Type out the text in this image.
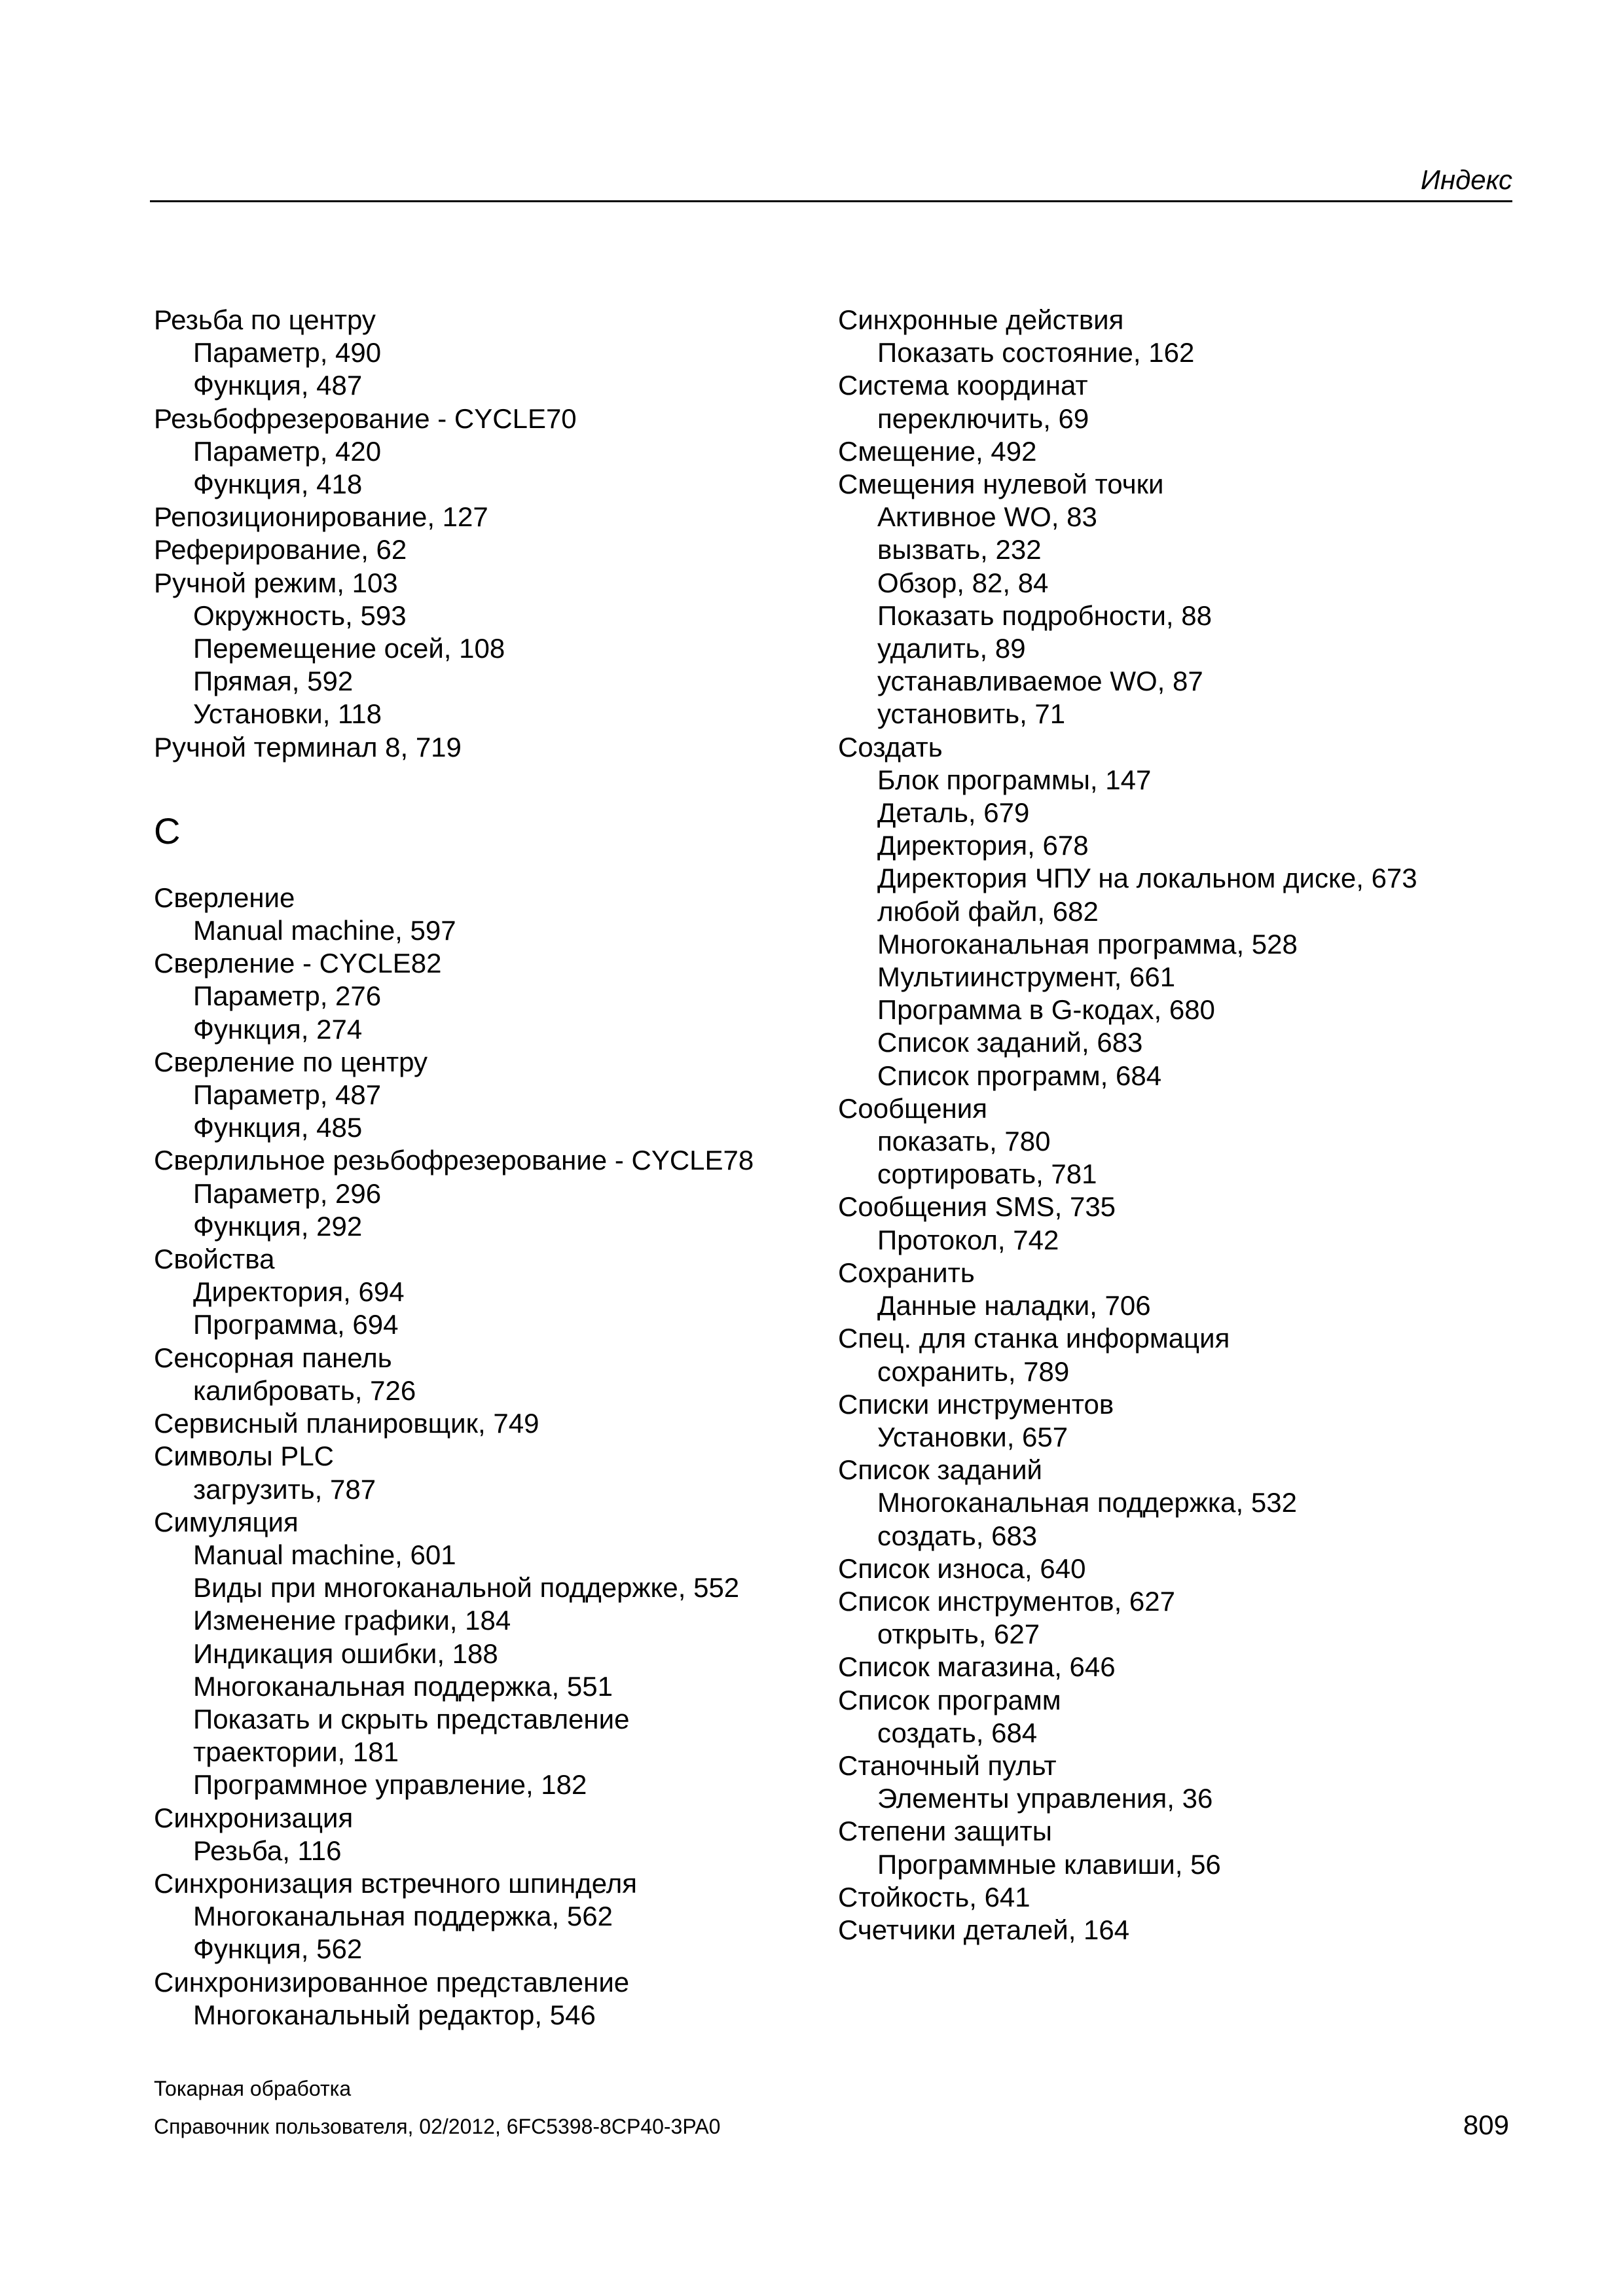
Индекс
Резьба по центру
Параметр, 490
Функция, 487
Резьбофрезерование - CYCLE70
Параметр, 420
Функция, 418
Репозиционирование, 127
Реферирование, 62
Ручной режим, 103
Окружность, 593
Перемещение осей, 108
Прямая, 592
Установки, 118
Ручной терминал 8, 719
С
Сверление
Manual machine, 597
Сверление - CYCLE82
Параметр, 276
Функция, 274
Сверление по центру
Параметр, 487
Функция, 485
Сверлильное резьбофрезерование - CYCLE78
Параметр, 296
Функция, 292
Свойства
Директория, 694
Программа, 694
Сенсорная панель
калибровать, 726
Сервисный планировщик, 749
Символы PLC
загрузить, 787
Симуляция
Manual machine, 601
Виды при многоканальной поддержке, 552
Изменение графики, 184
Индикация ошибки, 188
Многоканальная поддержка, 551
Показать и скрыть представление
траектории, 181
Программное управление, 182
Синхронизация
Резьба, 116
Синхронизация встречного шпинделя
Многоканальная поддержка, 562
Функция, 562
Синхронизированное представление
Многоканальный редактор, 546
Синхронные действия
Показать состояние, 162
Система координат
переключить, 69
Смещение, 492
Смещения нулевой точки
Активное WO, 83
вызвать, 232
Обзор, 82, 84
Показать подробности, 88
удалить, 89
устанавливаемое WO, 87
установить, 71
Создать
Блок программы, 147
Деталь, 679
Директория, 678
Директория ЧПУ на локальном диске, 673
любой файл, 682
Многоканальная программа, 528
Мультиинструмент, 661
Программа в G-кодах, 680
Список заданий, 683
Список программ, 684
Сообщения
показать, 780
сортировать, 781
Сообщения SMS, 735
Протокол, 742
Сохранить
Данные наладки, 706
Спец. для станка информация
сохранить, 789
Списки инструментов
Установки, 657
Список заданий
Многоканальная поддержка, 532
создать, 683
Список износа, 640
Список инструментов, 627
открыть, 627
Список магазина, 646
Список программ
создать, 684
Станочный пульт
Элементы управления, 36
Степени защиты
Программные клавиши, 56
Стойкость, 641
Счетчики деталей, 164
Токарная обработка
Справочник пользователя, 02/2012, 6FC5398-8CP40-3PA0	809
